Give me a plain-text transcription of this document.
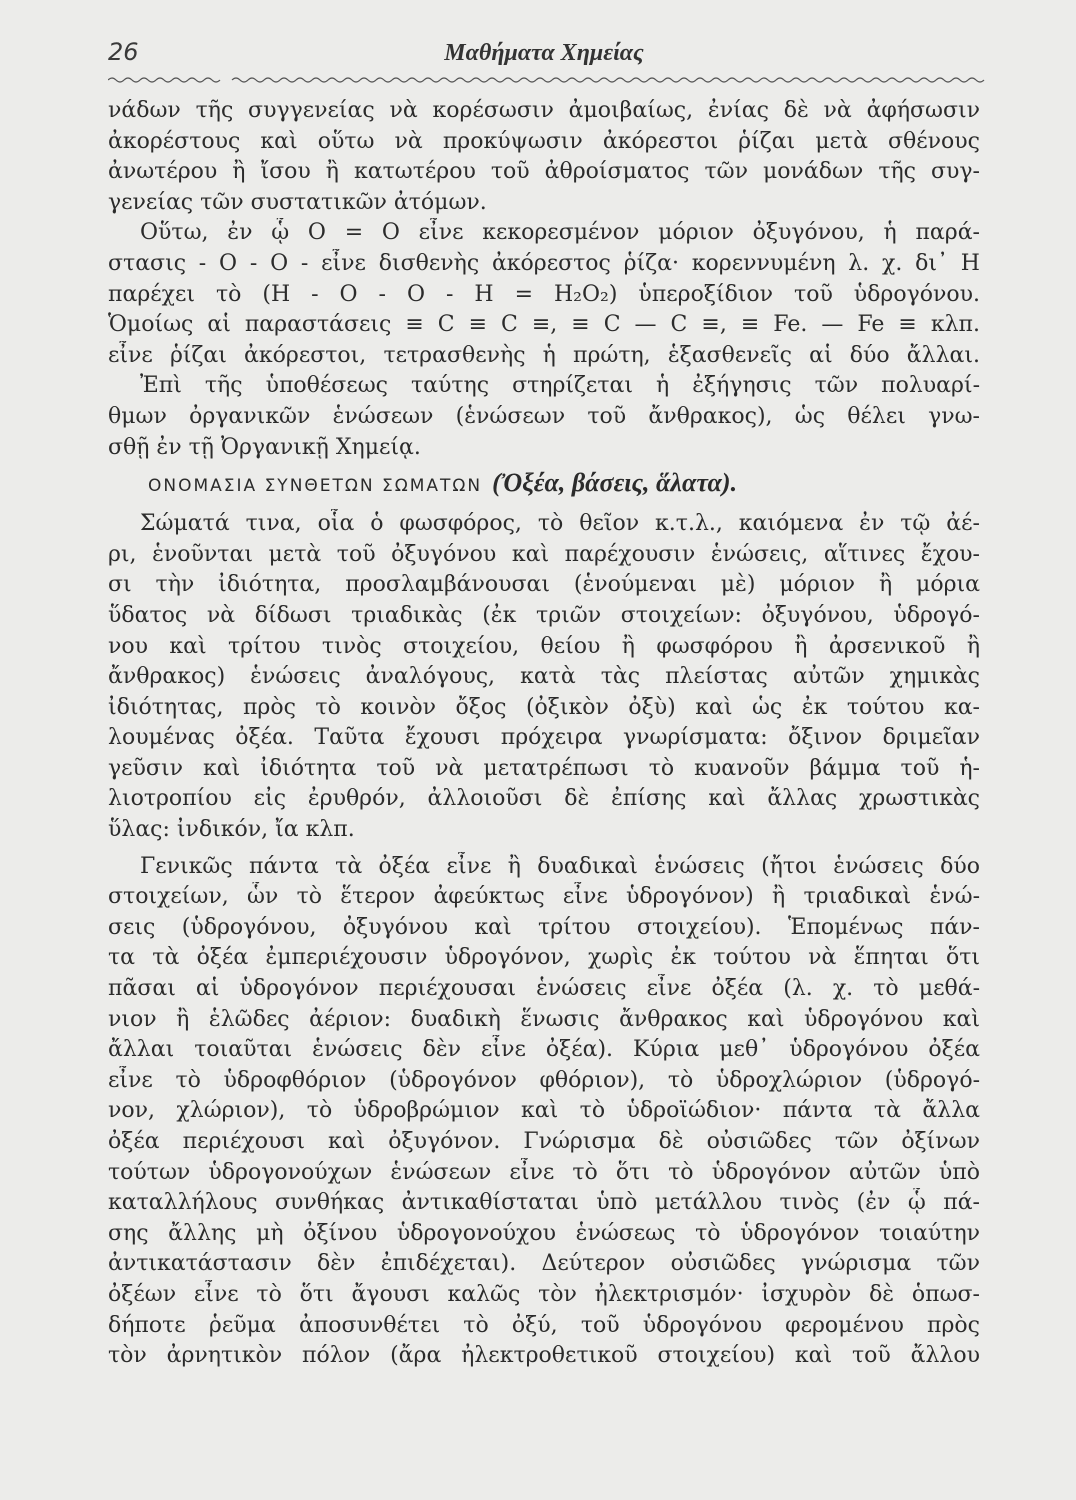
26	Μαθήματα Χημείας
νάδων τῆς συγγενείας νὰ κορέσωσιν ἀμοιβαίως, ἐνίας δὲ νὰ ἀφήσωσιν
ἀκορέστους καὶ οὕτω νὰ προκύψωσιν ἀκόρεστοι ῥίζαι μετὰ σθένους
ἀνωτέρου ἢ ἴσου ἢ κατωτέρου τοῦ ἀθροίσματος τῶν μονάδων τῆς συγ-
γενείας τῶν συστατικῶν ἀτόμων.
Οὕτω, ἐν ᾧ O = O εἶνε κεκορεσμένον μόριον ὀξυγόνου, ἡ παρά-
στασις - O - O - εἶνε δισθενὴς ἀκόρεστος ῥίζα· κορεννυμένη λ. χ. δι᾿ H
παρέχει τὸ (H - O - O - H = H₂O₂) ὑπεροξίδιον τοῦ ὑδρογόνου.
Ὁμοίως αἱ παραστάσεις ≡ C ≡ C ≡, ≡ C — C ≡, ≡ Fe. — Fe ≡ κλπ.
εἶνε ῥίζαι ἀκόρεστοι, τετρασθενὴς ἡ πρώτη, ἑξασθενεῖς αἱ δύο ἄλλαι.
Ἐπὶ τῆς ὑποθέσεως ταύτης στηρίζεται ἡ ἐξήγησις τῶν πολυαρί-
θμων ὀργανικῶν ἑνώσεων (ἑνώσεων τοῦ ἄνθρακος), ὡς θέλει γνω-
σθῇ ἐν τῇ Ὀργανικῇ Χημείᾳ.
ΟΝΟΜΑΣΙΑ ΣΥΝΘΕΤΩΝ ΣΩΜΑΤΩΝ (Ὀξέα, βάσεις, ἅλατα).
Σώματά τινα, οἷα ὁ φωσφόρος, τὸ θεῖον κ.τ.λ., καιόμενα ἐν τῷ ἀέ-
ρι, ἑνοῦνται μετὰ τοῦ ὀξυγόνου καὶ παρέχουσιν ἑνώσεις, αἵτινες ἔχου-
σι τὴν ἰδιότητα, προσλαμβάνουσαι (ἑνούμεναι μὲ) μόριον ἢ μόρια
ὕδατος νὰ δίδωσι τριαδικὰς (ἐκ τριῶν στοιχείων: ὀξυγόνου, ὑδρογό-
νου καὶ τρίτου τινὸς στοιχείου, θείου ἢ φωσφόρου ἢ ἀρσενικοῦ ἢ
ἄνθρακος) ἑνώσεις ἀναλόγους, κατὰ τὰς πλείστας αὐτῶν χημικὰς
ἰδιότητας, πρὸς τὸ κοινὸν ὄξος (ὀξικὸν ὀξὺ) καὶ ὡς ἐκ τούτου κα-
λουμένας ὀξέα. Ταῦτα ἔχουσι πρόχειρα γνωρίσματα: ὄξινον δριμεῖαν
γεῦσιν καὶ ἰδιότητα τοῦ νὰ μετατρέπωσι τὸ κυανοῦν βάμμα τοῦ ἡ-
λιοτροπίου εἰς ἐρυθρόν, ἀλλοιοῦσι δὲ ἐπίσης καὶ ἄλλας χρωστικὰς
ὕλας: ἰνδικόν, ἴα κλπ.
Γενικῶς πάντα τὰ ὀξέα εἶνε ἢ δυαδικαὶ ἑνώσεις (ἤτοι ἑνώσεις δύο
στοιχείων, ὧν τὸ ἕτερον ἀφεύκτως εἶνε ὑδρογόνον) ἢ τριαδικαὶ ἑνώ-
σεις (ὑδρογόνου, ὀξυγόνου καὶ τρίτου στοιχείου). Ἑπομένως πάν-
τα τὰ ὀξέα ἐμπεριέχουσιν ὑδρογόνον, χωρὶς ἐκ τούτου νὰ ἕπηται ὅτι
πᾶσαι αἱ ὑδρογόνον περιέχουσαι ἑνώσεις εἶνε ὀξέα (λ. χ. τὸ μεθά-
νιον ἢ ἑλῶδες ἀέριον: δυαδικὴ ἕνωσις ἄνθρακος καὶ ὑδρογόνου καὶ
ἄλλαι τοιαῦται ἑνώσεις δὲν εἶνε ὀξέα). Κύρια μεθ᾿ ὑδρογόνου ὀξέα
εἶνε τὸ ὑδροφθόριον (ὑδρογόνον φθόριον), τὸ ὑδροχλώριον (ὑδρογό-
νον, χλώριον), τὸ ὑδροβρώμιον καὶ τὸ ὑδροϊώδιον· πάντα τὰ ἄλλα
ὀξέα περιέχουσι καὶ ὀξυγόνον. Γνώρισμα δὲ οὐσιῶδες τῶν ὀξίνων
τούτων ὑδρογονούχων ἑνώσεων εἶνε τὸ ὅτι τὸ ὑδρογόνον αὐτῶν ὑπὸ
καταλλήλους συνθήκας ἀντικαθίσταται ὑπὸ μετάλλου τινὸς (ἐν ᾧ πά-
σης ἄλλης μὴ ὀξίνου ὑδρογονούχου ἑνώσεως τὸ ὑδρογόνον τοιαύτην
ἀντικατάστασιν δὲν ἐπιδέχεται). Δεύτερον οὐσιῶδες γνώρισμα τῶν
ὀξέων εἶνε τὸ ὅτι ἄγουσι καλῶς τὸν ἠλεκτρισμόν· ἰσχυρὸν δὲ ὁπωσ-
δήποτε ῥεῦμα ἀποσυνθέτει τὸ ὀξύ, τοῦ ὑδρογόνου φερομένου πρὸς
τὸν ἀρνητικὸν πόλον (ἄρα ἠλεκτροθετικοῦ στοιχείου) καὶ τοῦ ἄλλου
